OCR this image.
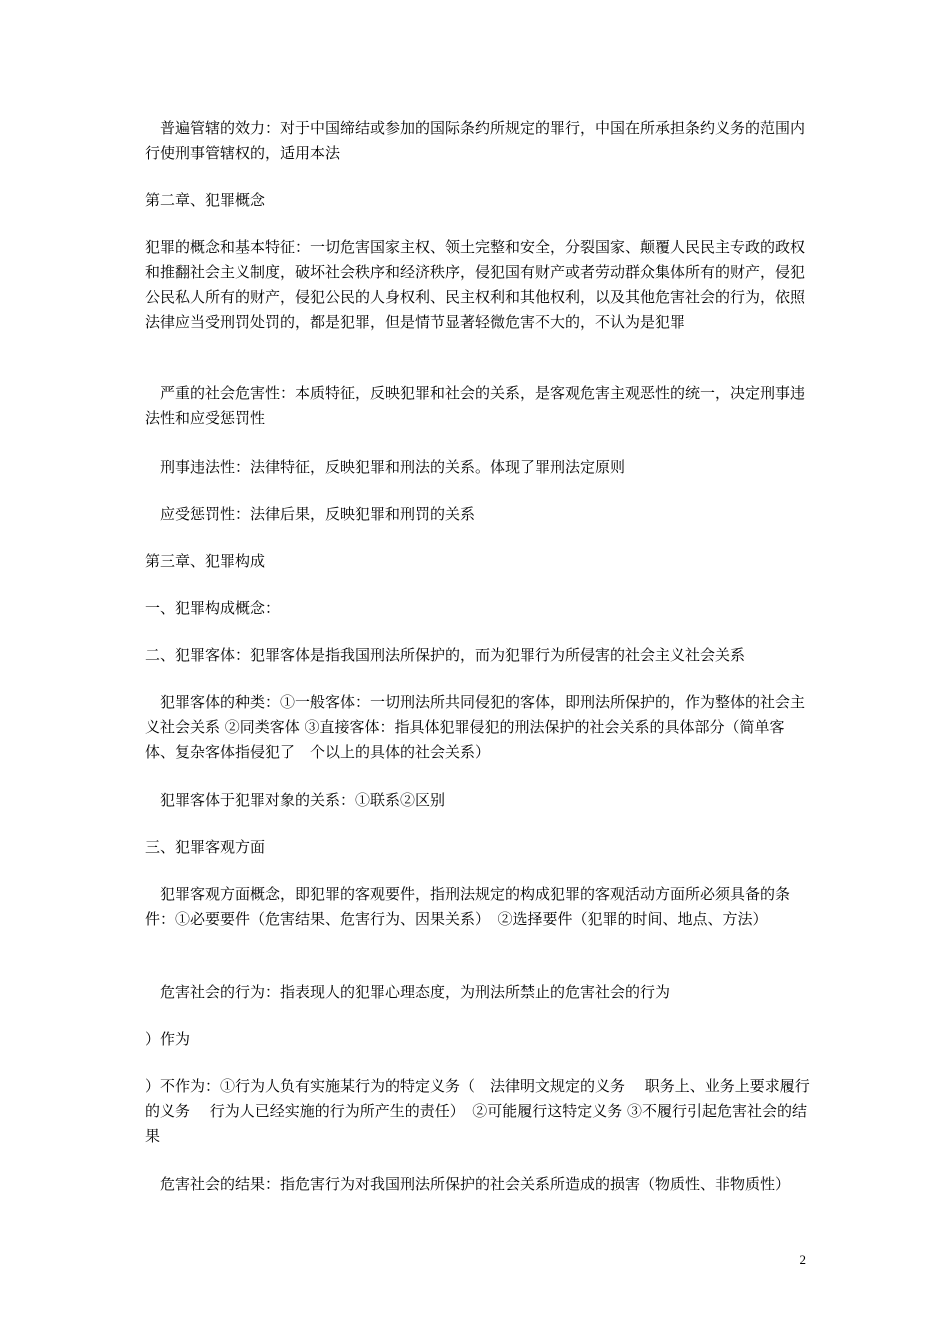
普遍管辖的效力：对于中国缔结或参加的国际条约所规定的罪行，中国在所承担条约义务的范围内行使刑事管辖权的，适用本法

第二章、犯罪概念

犯罪的概念和基本特征：一切危害国家主权、领土完整和安全，分裂国家、颠覆人民民主专政的政权和推翻社会主义制度，破坏社会秩序和经济秩序，侵犯国有财产或者劳动群众集体所有的财产，侵犯公民私人所有的财产，侵犯公民的人身权利、民主权利和其他权利，以及其他危害社会的行为，依照法律应当受刑罚处罚的，都是犯罪，但是情节显著轻微危害不大的，不认为是犯罪

严重的社会危害性：本质特征，反映犯罪和社会的关系，是客观危害主观恶性的统一，决定刑事违法性和应受惩罚性

刑事违法性：法律特征，反映犯罪和刑法的关系。体现了罪刑法定原则

应受惩罚性：法律后果，反映犯罪和刑罚的关系

第三章、犯罪构成

一、犯罪构成概念：

二、犯罪客体：犯罪客体是指我国刑法所保护的，而为犯罪行为所侵害的社会主义社会关系

犯罪客体的种类：①一般客体：一切刑法所共同侵犯的客体，即刑法所保护的，作为整体的社会主义社会关系 ②同类客体 ③直接客体：指具体犯罪侵犯的刑法保护的社会关系的具体部分（简单客体、复杂客体指侵犯了　个以上的具体的社会关系）

犯罪客体于犯罪对象的关系：①联系②区别

三、犯罪客观方面

犯罪客观方面概念，即犯罪的客观要件，指刑法规定的构成犯罪的客观活动方面所必须具备的条件：①必要要件（危害结果、危害行为、因果关系）　②选择要件（犯罪的时间、地点、方法）

危害社会的行为：指表现人的犯罪心理态度，为刑法所禁止的危害社会的行为

）作为

）不作为：①行为人负有实施某行为的特定义务（　法律明文规定的义务　 职务上、业务上要求履行的义务　 行为人已经实施的行为所产生的责任）　②可能履行这特定义务 ③不履行引起危害社会的结果

危害社会的结果：指危害行为对我国刑法所保护的社会关系所造成的损害（物质性、非物质性）

2
